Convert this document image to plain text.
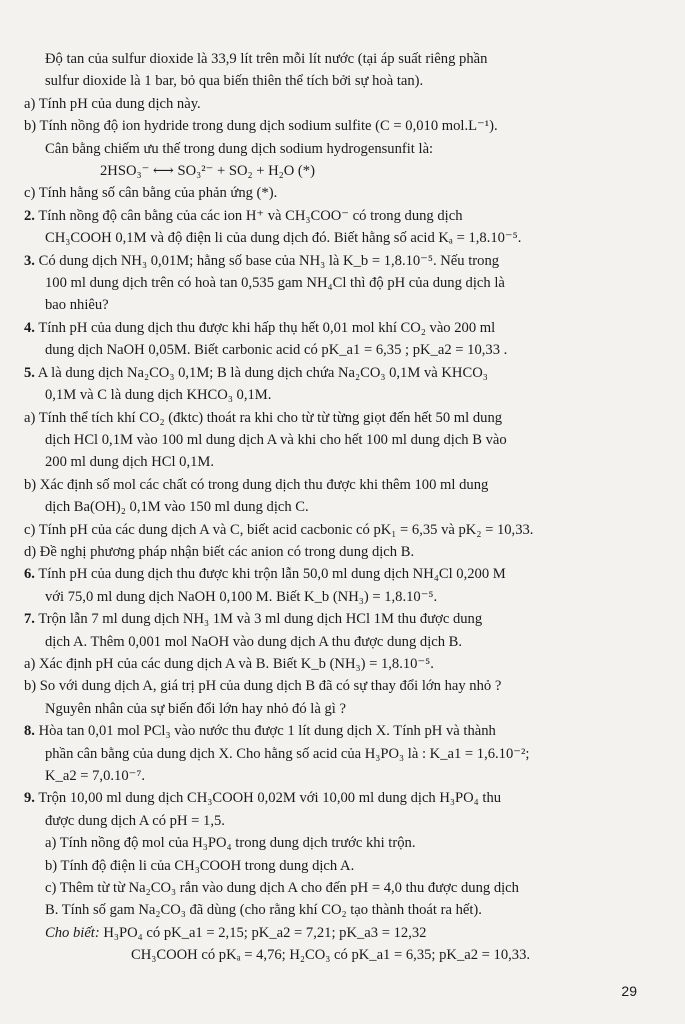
Độ tan của sulfur dioxide là 33,9 lít trên mỗi lít nước (tại áp suất riêng phần
sulfur dioxide là 1 bar, bỏ qua biến thiên thể tích bởi sự hoà tan).
a) Tính pH của dung dịch này.
b) Tính nồng độ ion hydride trong dung dịch sodium sulfite (C = 0,010 mol.L⁻¹).
Cân bằng chiếm ưu thế trong dung dịch sodium hydrogensunfit là:
2HSO₃⁻ ⟷ SO₃²⁻ + SO₂ + H₂O (*)
c) Tính hằng số cân bằng của phản ứng (*).
2. Tính nồng độ cân bằng của các ion H⁺ và CH₃COO⁻ có trong dung dịch
CH₃COOH 0,1M và độ điện li của dung dịch đó. Biết hằng số acid Kₐ = 1,8.10⁻⁵.
3. Có dung dịch NH₃ 0,01M; hằng số base của NH₃ là K_b = 1,8.10⁻⁵. Nếu trong
100 ml dung dịch trên có hoà tan 0,535 gam NH₄Cl thì độ pH của dung dịch là
bao nhiêu?
4. Tính pH của dung dịch thu được khi hấp thụ hết 0,01 mol khí CO₂ vào 200 ml
dung dịch NaOH 0,05M. Biết carbonic acid có pK_a1 = 6,35 ; pK_a2 = 10,33 .
5. A là dung dịch Na₂CO₃ 0,1M; B là dung dịch chứa Na₂CO₃ 0,1M và KHCO₃
0,1M và C là dung dịch KHCO₃ 0,1M.
a) Tính thể tích khí CO₂ (đktc) thoát ra khi cho từ từ từng giọt đến hết 50 ml dung
dịch HCl 0,1M vào 100 ml dung dịch A và khi cho hết 100 ml dung dịch B vào
200 ml dung dịch HCl 0,1M.
b) Xác định số mol các chất có trong dung dịch thu được khi thêm 100 ml dung
dịch Ba(OH)₂ 0,1M vào 150 ml dung dịch C.
c) Tính pH của các dung dịch A và C, biết acid cacbonic có pK₁ = 6,35 và pK₂ = 10,33.
d) Đề nghị phương pháp nhận biết các anion có trong dung dịch B.
6. Tính pH của dung dịch thu được khi trộn lẫn 50,0 ml dung dịch NH₄Cl 0,200 M
với 75,0 ml dung dịch NaOH 0,100 M. Biết K_b (NH₃) = 1,8.10⁻⁵.
7. Trộn lẫn 7 ml dung dịch NH₃ 1M và 3 ml dung dịch HCl 1M thu được dung
dịch A. Thêm 0,001 mol NaOH vào dung dịch A thu được dung dịch B.
a) Xác định pH của các dung dịch A và B. Biết K_b (NH₃) = 1,8.10⁻⁵.
b) So với dung dịch A, giá trị pH của dung dịch B đã có sự thay đổi lớn hay nhỏ ?
Nguyên nhân của sự biến đổi lớn hay nhỏ đó là gì ?
8. Hòa tan 0,01 mol PCl₃ vào nước thu được 1 lít dung dịch X. Tính pH và thành
phần cân bằng của dung dịch X. Cho hằng số acid của H₃PO₃ là : K_a1 = 1,6.10⁻²;
K_a2 = 7,0.10⁻⁷.
9. Trộn 10,00 ml dung dịch CH₃COOH 0,02M với 10,00 ml dung dịch H₃PO₄ thu
được dung dịch A có pH = 1,5.
a) Tính nồng độ mol của H₃PO₄ trong dung dịch trước khi trộn.
b) Tính độ điện li của CH₃COOH trong dung dịch A.
c) Thêm từ từ Na₂CO₃ rắn vào dung dịch A cho đến pH = 4,0 thu được dung dịch
B. Tính số gam Na₂CO₃ đã dùng (cho rằng khí CO₂ tạo thành thoát ra hết).
Cho biết: H₃PO₄ có pK_a1 = 2,15; pK_a2 = 7,21; pK_a3 = 12,32
CH₃COOH có pKₐ = 4,76; H₂CO₃ có pK_a1 = 6,35; pK_a2 = 10,33.
29
